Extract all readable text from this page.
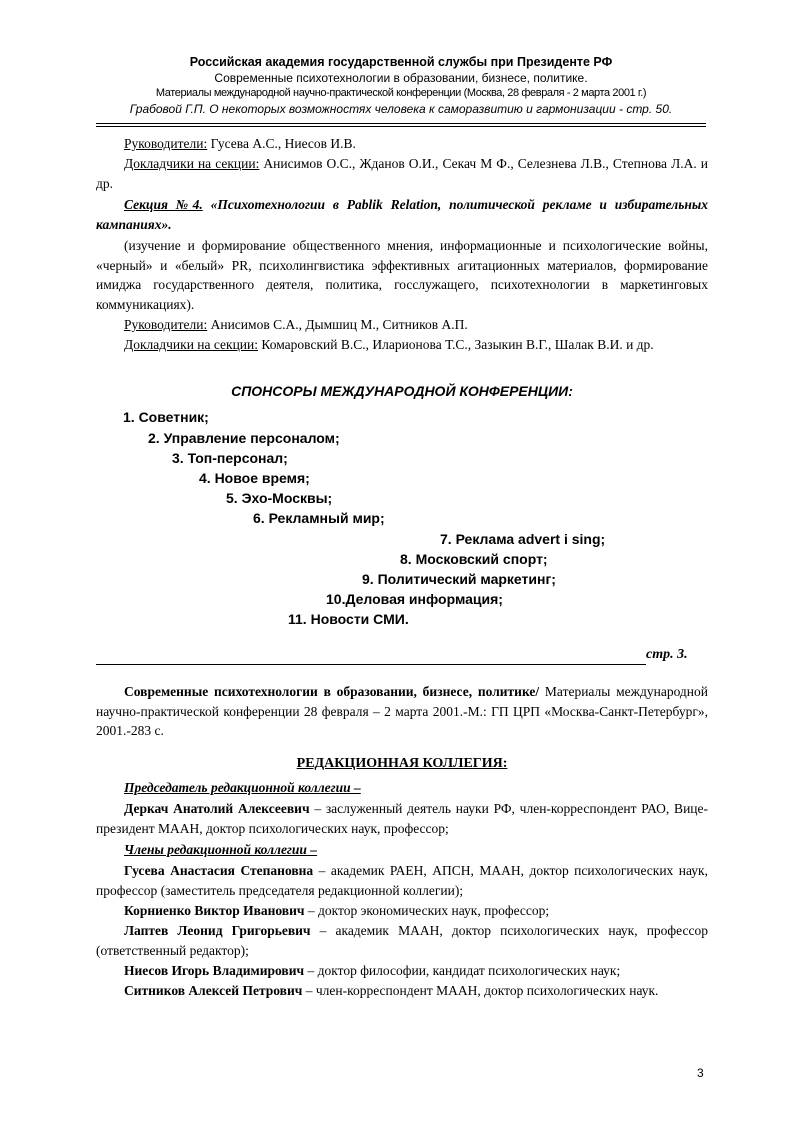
Российская академия государственной службы при Президенте РФ
Современные психотехнологии в образовании, бизнесе, политике.
Материалы международной научно-практической конференции (Москва, 28 февраля - 2 марта 2001 г.)
Грабовой Г.П. О некоторых возможностях человека к саморазвитию и гармонизации - стр. 50.
Руководители: Гусева А.С., Ниесов И.В.
Докладчики на секции: Анисимов О.С., Жданов О.И., Секач М Ф., Селезнева Л.В., Степнова Л.А. и др.
Секция №4. «Психотехнологии в Pablik Relation, политической рекламе и избирательных кампаниях».
(изучение и формирование общественного мнения, информационные и психологические войны, «черный» и «белый» PR, психолингвистика эффективных агитационных материалов, формирование имиджа государственного деятеля, политика, госслужащего, психотехнологии в маркетинговых коммуникациях).
Руководители: Анисимов С.А., Дымшиц М., Ситников А.П.
Докладчики на секции: Комаровский В.С., Иларионова Т.С., Зазыкин В.Г., Шалак В.И. и др.
СПОНСОРЫ МЕЖДУНАРОДНОЙ КОНФЕРЕНЦИИ:
1. Советник;
2. Управление персоналом;
3. Топ-персонал;
4. Новое время;
5. Эхо-Москвы;
6. Рекламный мир;
7. Реклама advert i sing;
8. Московский спорт;
9. Политический маркетинг;
10.Деловая информация;
11. Новости СМИ.
стр. 3.
Современные психотехнологии в образовании, бизнесе, политике/ Материалы международной научно-практической конференции 28 февраля – 2 марта 2001.-М.: ГП ЦРП «Москва-Санкт-Петербург», 2001.-283 с.
РЕДАКЦИОННАЯ КОЛЛЕГИЯ:
Председатель редакционной коллегии –
Деркач Анатолий Алексеевич – заслуженный деятель науки РФ, член-корреспондент РАО, Вице-президент МААН, доктор психологических наук, профессор;
Члены редакционной коллегии –
Гусева Анастасия Степановна – академик РАЕН, АПСН, МААН, доктор психологических наук, профессор (заместитель председателя редакционной коллегии);
Корниенко Виктор Иванович – доктор экономических наук, профессор;
Лаптев Леонид Григорьевич – академик МААН, доктор психологических наук, профессор (ответственный редактор);
Ниесов Игорь Владимирович – доктор философии, кандидат психологических наук;
Ситников Алексей Петрович – член-корреспондент МААН, доктор психологических наук.
3
